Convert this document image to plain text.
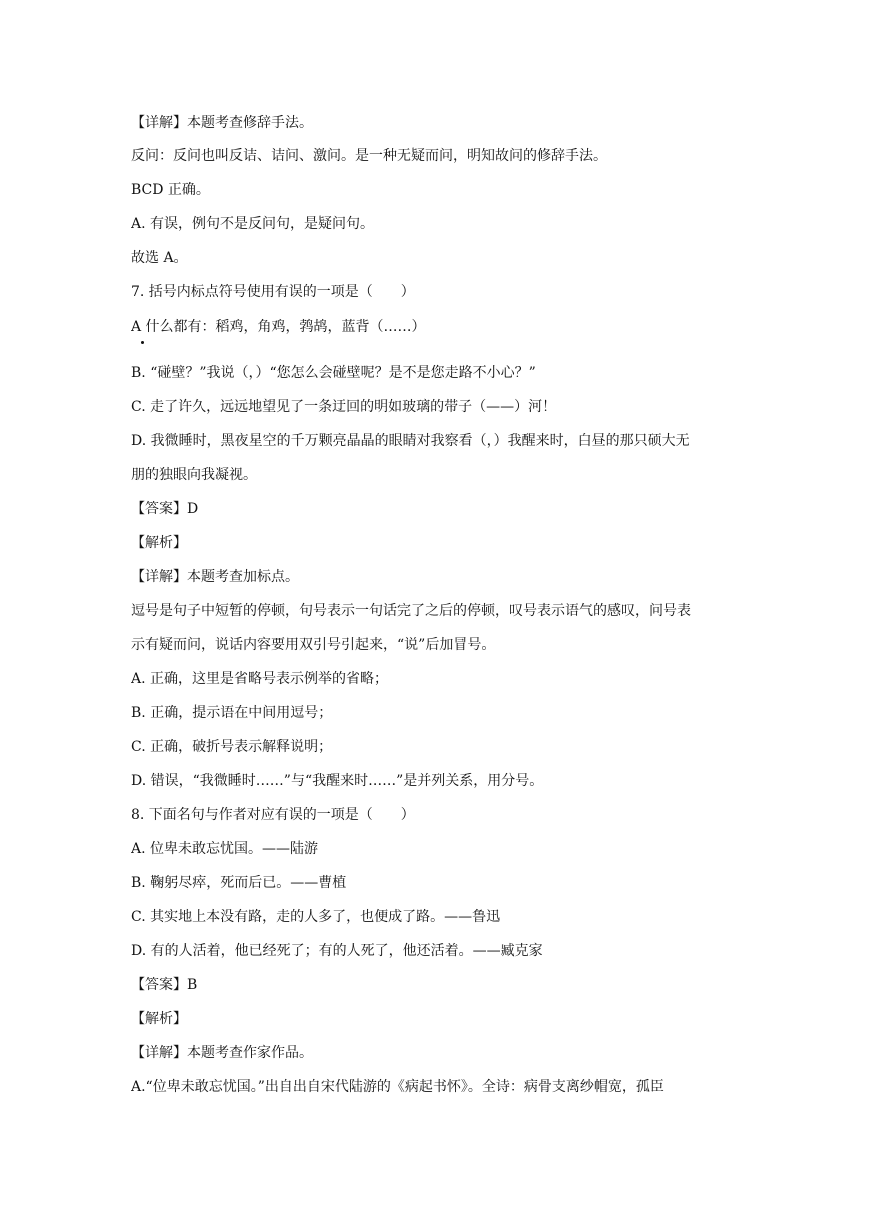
【详解】本题考查修辞手法。
反问：反问也叫反诘、诘问、激问。是一种无疑而问，明知故问的修辞手法。
BCD 正确。
A. 有误，例句不是反问句，是疑问句。
故选 A。
7. 括号内标点符号使用有误的一项是（　　）
A 什么都有：稻鸡，角鸡，鹁鸪，蓝背（……）
B. “碰壁？”我说（，）“您怎么会碰壁呢？是不是您走路不小心？”
C. 走了许久，远远地望见了一条迂回的明如玻璃的带子（——）河！
D. 我微睡时，黑夜星空的千万颗亮晶晶的眼睛对我察看（，）我醒来时，白昼的那只硕大无
朋的独眼向我凝视。
【答案】D
【解析】
【详解】本题考查加标点。
逗号是句子中短暂的停顿，句号表示一句话完了之后的停顿，叹号表示语气的感叹，问号表
示有疑而问，说话内容要用双引号引起来，“说”后加冒号。
A. 正确，这里是省略号表示例举的省略；
B. 正确，提示语在中间用逗号；
C. 正确，破折号表示解释说明；
D. 错误，“我微睡时……”与“我醒来时……”是并列关系，用分号。
8. 下面名句与作者对应有误的一项是（　　）
A. 位卑未敢忘忧国。——陆游
B. 鞠躬尽瘁，死而后已。——曹植
C. 其实地上本没有路，走的人多了，也便成了路。——鲁迅
D. 有的人活着，他已经死了；有的人死了，他还活着。——臧克家
【答案】B
【解析】
【详解】本题考查作家作品。
A.“位卑未敢忘忧国。”出自出自宋代陆游的《病起书怀》。全诗：病骨支离纱帽宽，孤臣
